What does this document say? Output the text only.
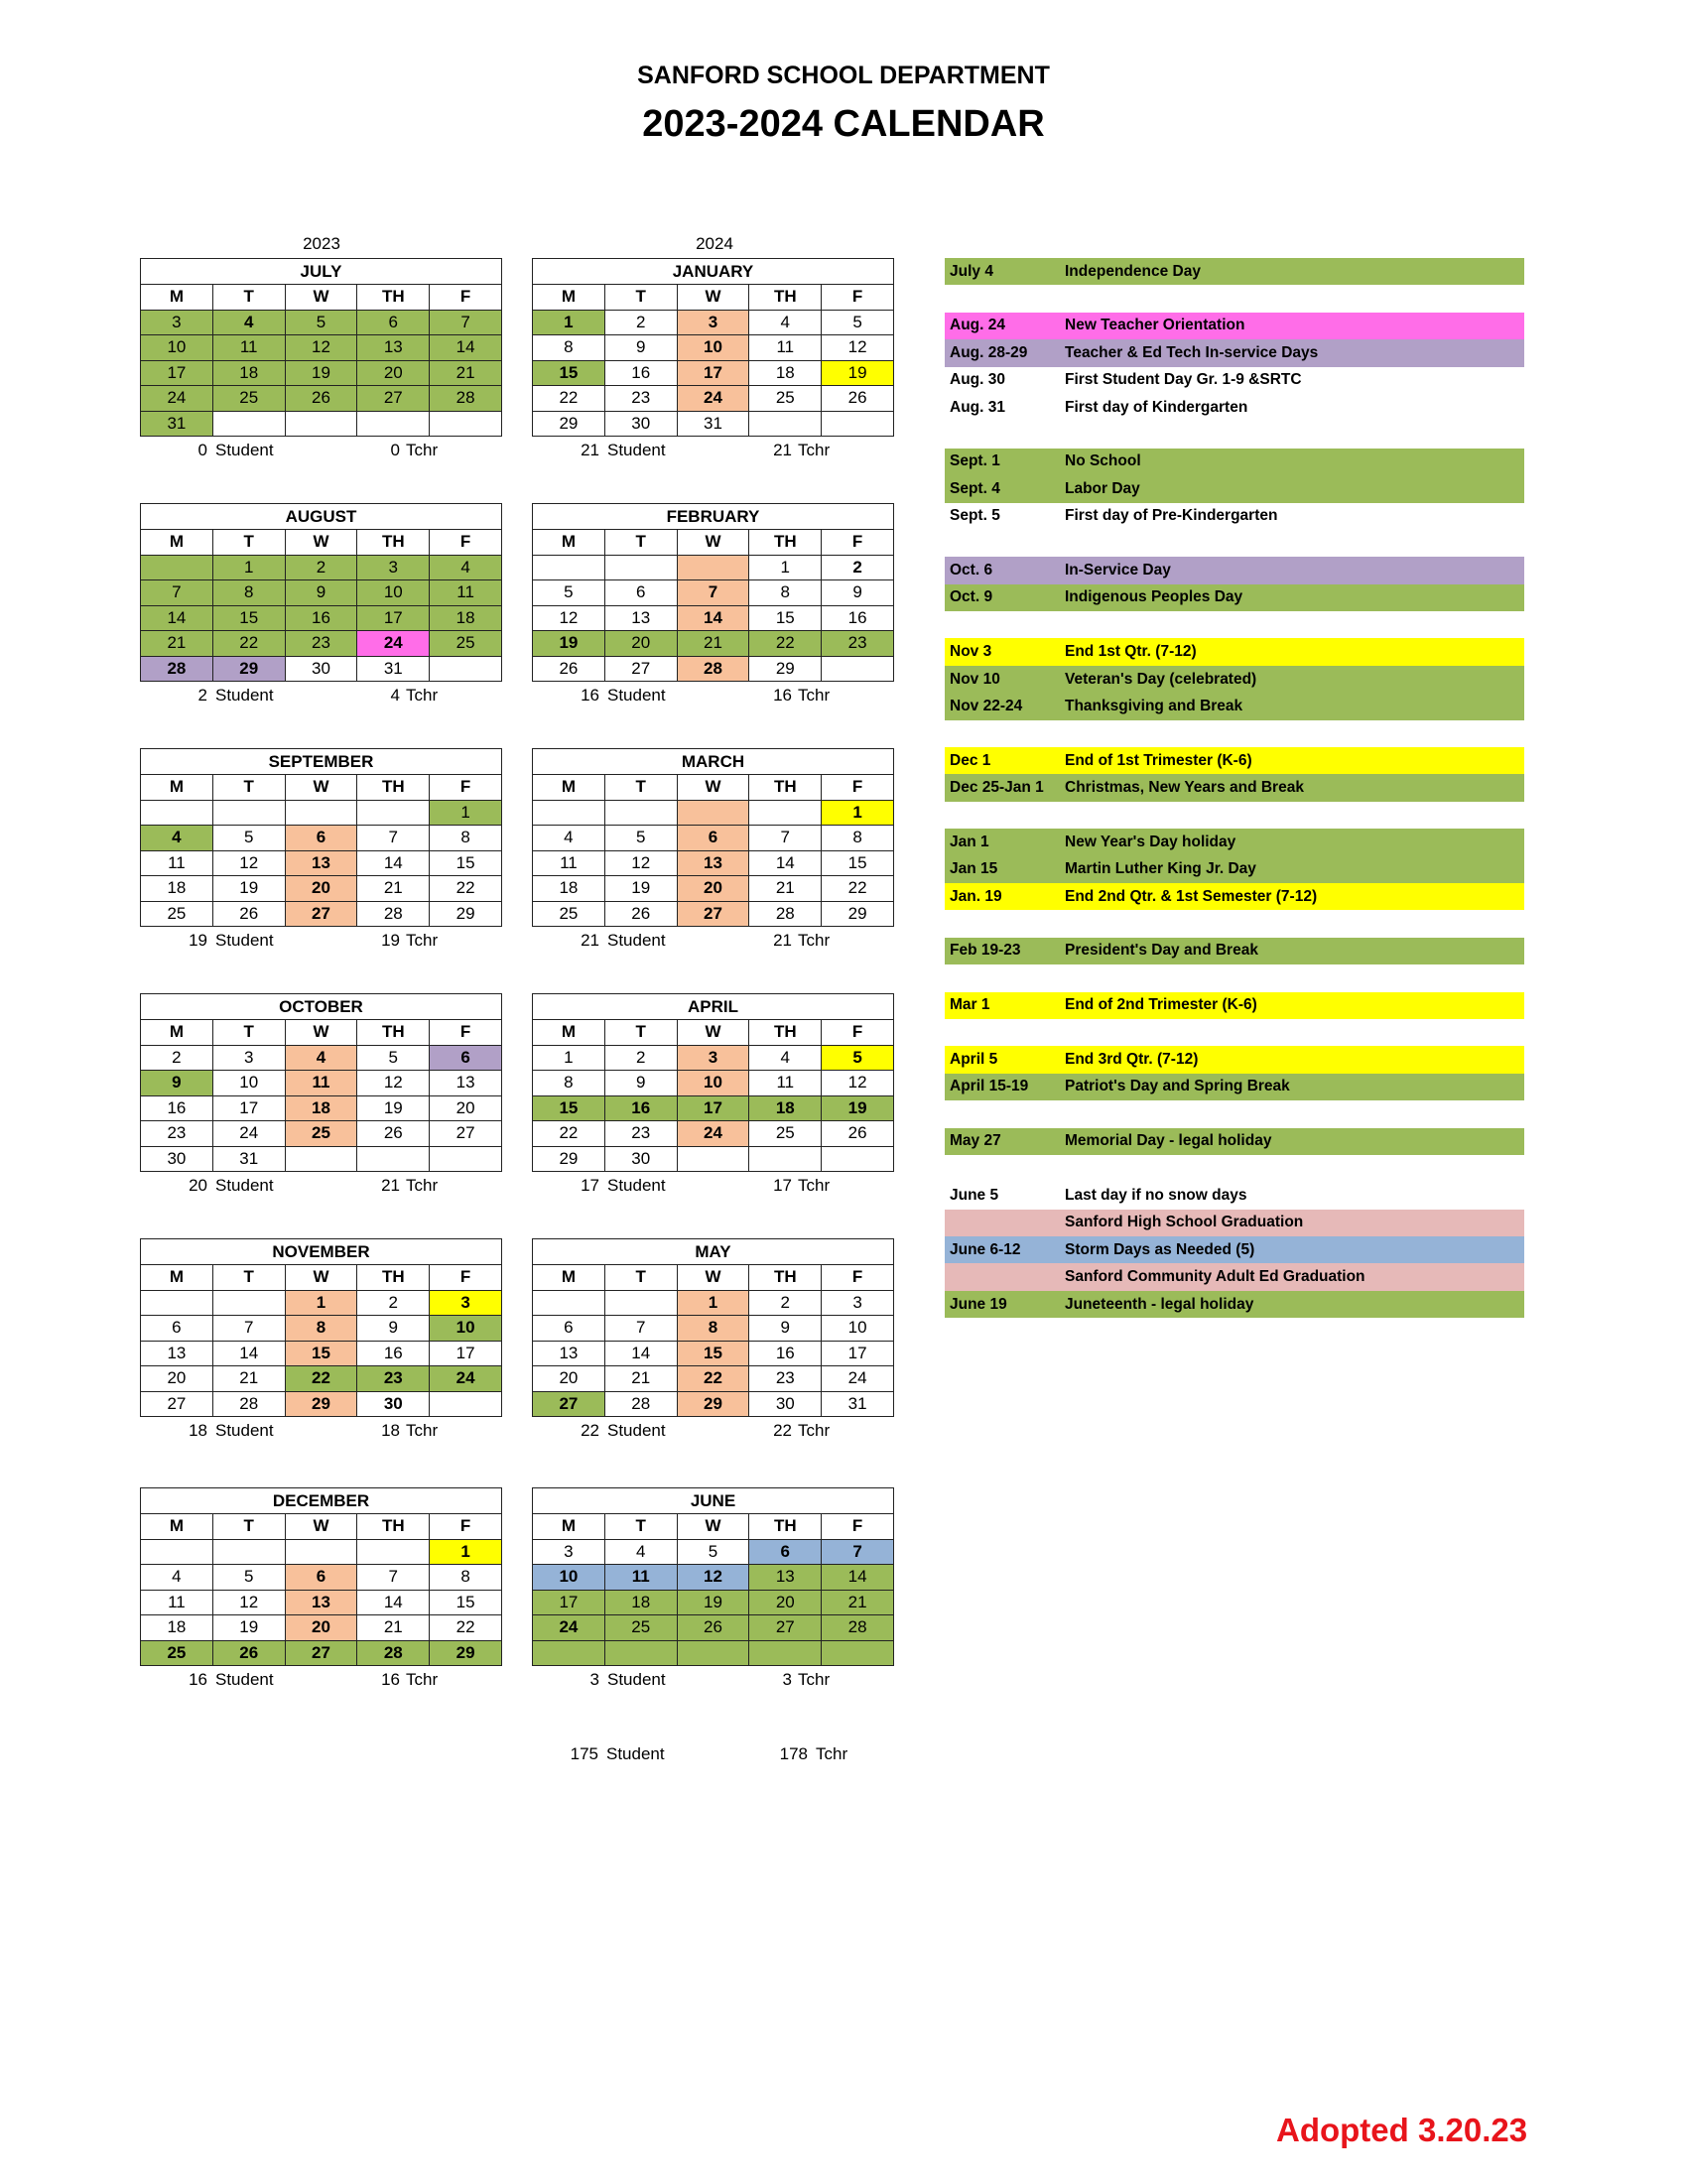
SANFORD SCHOOL DEPARTMENT
2023-2024 CALENDAR
2023	2024
175 Student	178 Tchr
July 4	Independence Day
Aug. 24	New Teacher Orientation
Aug. 28-29	Teacher & Ed Tech In-service Days
Aug. 30	First Student Day Gr. 1-9 &SRTC
Aug. 31	First day of Kindergarten
Sept. 1	No School
Sept. 4	Labor Day
Sept. 5	First day of Pre-Kindergarten
Oct. 6	In-Service Day
Oct. 9	Indigenous Peoples Day
Nov 3	End 1st Qtr. (7-12)
Nov 10	Veteran's Day (celebrated)
Nov 22-24	Thanksgiving and Break
Dec 1	End of 1st Trimester (K-6)
Dec 25-Jan 1	Christmas, New Years and Break
Jan 1	New Year's Day holiday
Jan 15	Martin Luther King Jr. Day
Jan. 19	End 2nd Qtr. & 1st Semester (7-12)
Feb 19-23	President's Day and Break
Mar 1	End of 2nd Trimester (K-6)
April 5	End 3rd Qtr. (7-12)
April 15-19	Patriot's Day and Spring Break
May 27	Memorial Day - legal holiday
June 5	Last day if no snow days
Sanford High School Graduation
June 6-12	Storm Days as Needed (5)
Sanford Community Adult Ed Graduation
June 19	Juneteenth - legal holiday
Adopted 3.20.23
JULY				
M	T	W	TH	F
3	4	5	6	7
10	11	12	13	14
17	18	19	20	21
24	25	26	27	28
31				
0 Student	0 Tchr
AUGUST				
M	T	W	TH	F
	1	2	3	4
7	8	9	10	11
14	15	16	17	18
21	22	23	24	25
28	29	30	31	
2 Student	4 Tchr
SEPTEMBER				
M	T	W	TH	F
				1
4	5	6	7	8
11	12	13	14	15
18	19	20	21	22
25	26	27	28	29
19 Student	19 Tchr
OCTOBER				
M	T	W	TH	F
2	3	4	5	6
9	10	11	12	13
16	17	18	19	20
23	24	25	26	27
30	31			
20 Student	21 Tchr
NOVEMBER				
M	T	W	TH	F
		1	2	3
6	7	8	9	10
13	14	15	16	17
20	21	22	23	24
27	28	29	30	
18 Student	18 Tchr
DECEMBER				
M	T	W	TH	F
				1
4	5	6	7	8
11	12	13	14	15
18	19	20	21	22
25	26	27	28	29
16 Student	16 Tchr
JANUARY				
M	T	W	TH	F
1	2	3	4	5
8	9	10	11	12
15	16	17	18	19
22	23	24	25	26
29	30	31		
21 Student	21 Tchr
FEBRUARY				
M	T	W	TH	F
			1	2
5	6	7	8	9
12	13	14	15	16
19	20	21	22	23
26	27	28	29	
16 Student	16 Tchr
MARCH				
M	T	W	TH	F
				1
4	5	6	7	8
11	12	13	14	15
18	19	20	21	22
25	26	27	28	29
21 Student	21 Tchr
APRIL				
M	T	W	TH	F
1	2	3	4	5
8	9	10	11	12
15	16	17	18	19
22	23	24	25	26
29	30			
17 Student	17 Tchr
MAY				
M	T	W	TH	F
		1	2	3
6	7	8	9	10
13	14	15	16	17
20	21	22	23	24
27	28	29	30	31
22 Student	22 Tchr
JUNE				
M	T	W	TH	F
3	4	5	6	7
10	11	12	13	14
17	18	19	20	21
24	25	26	27	28

3 Student	3 Tchr
